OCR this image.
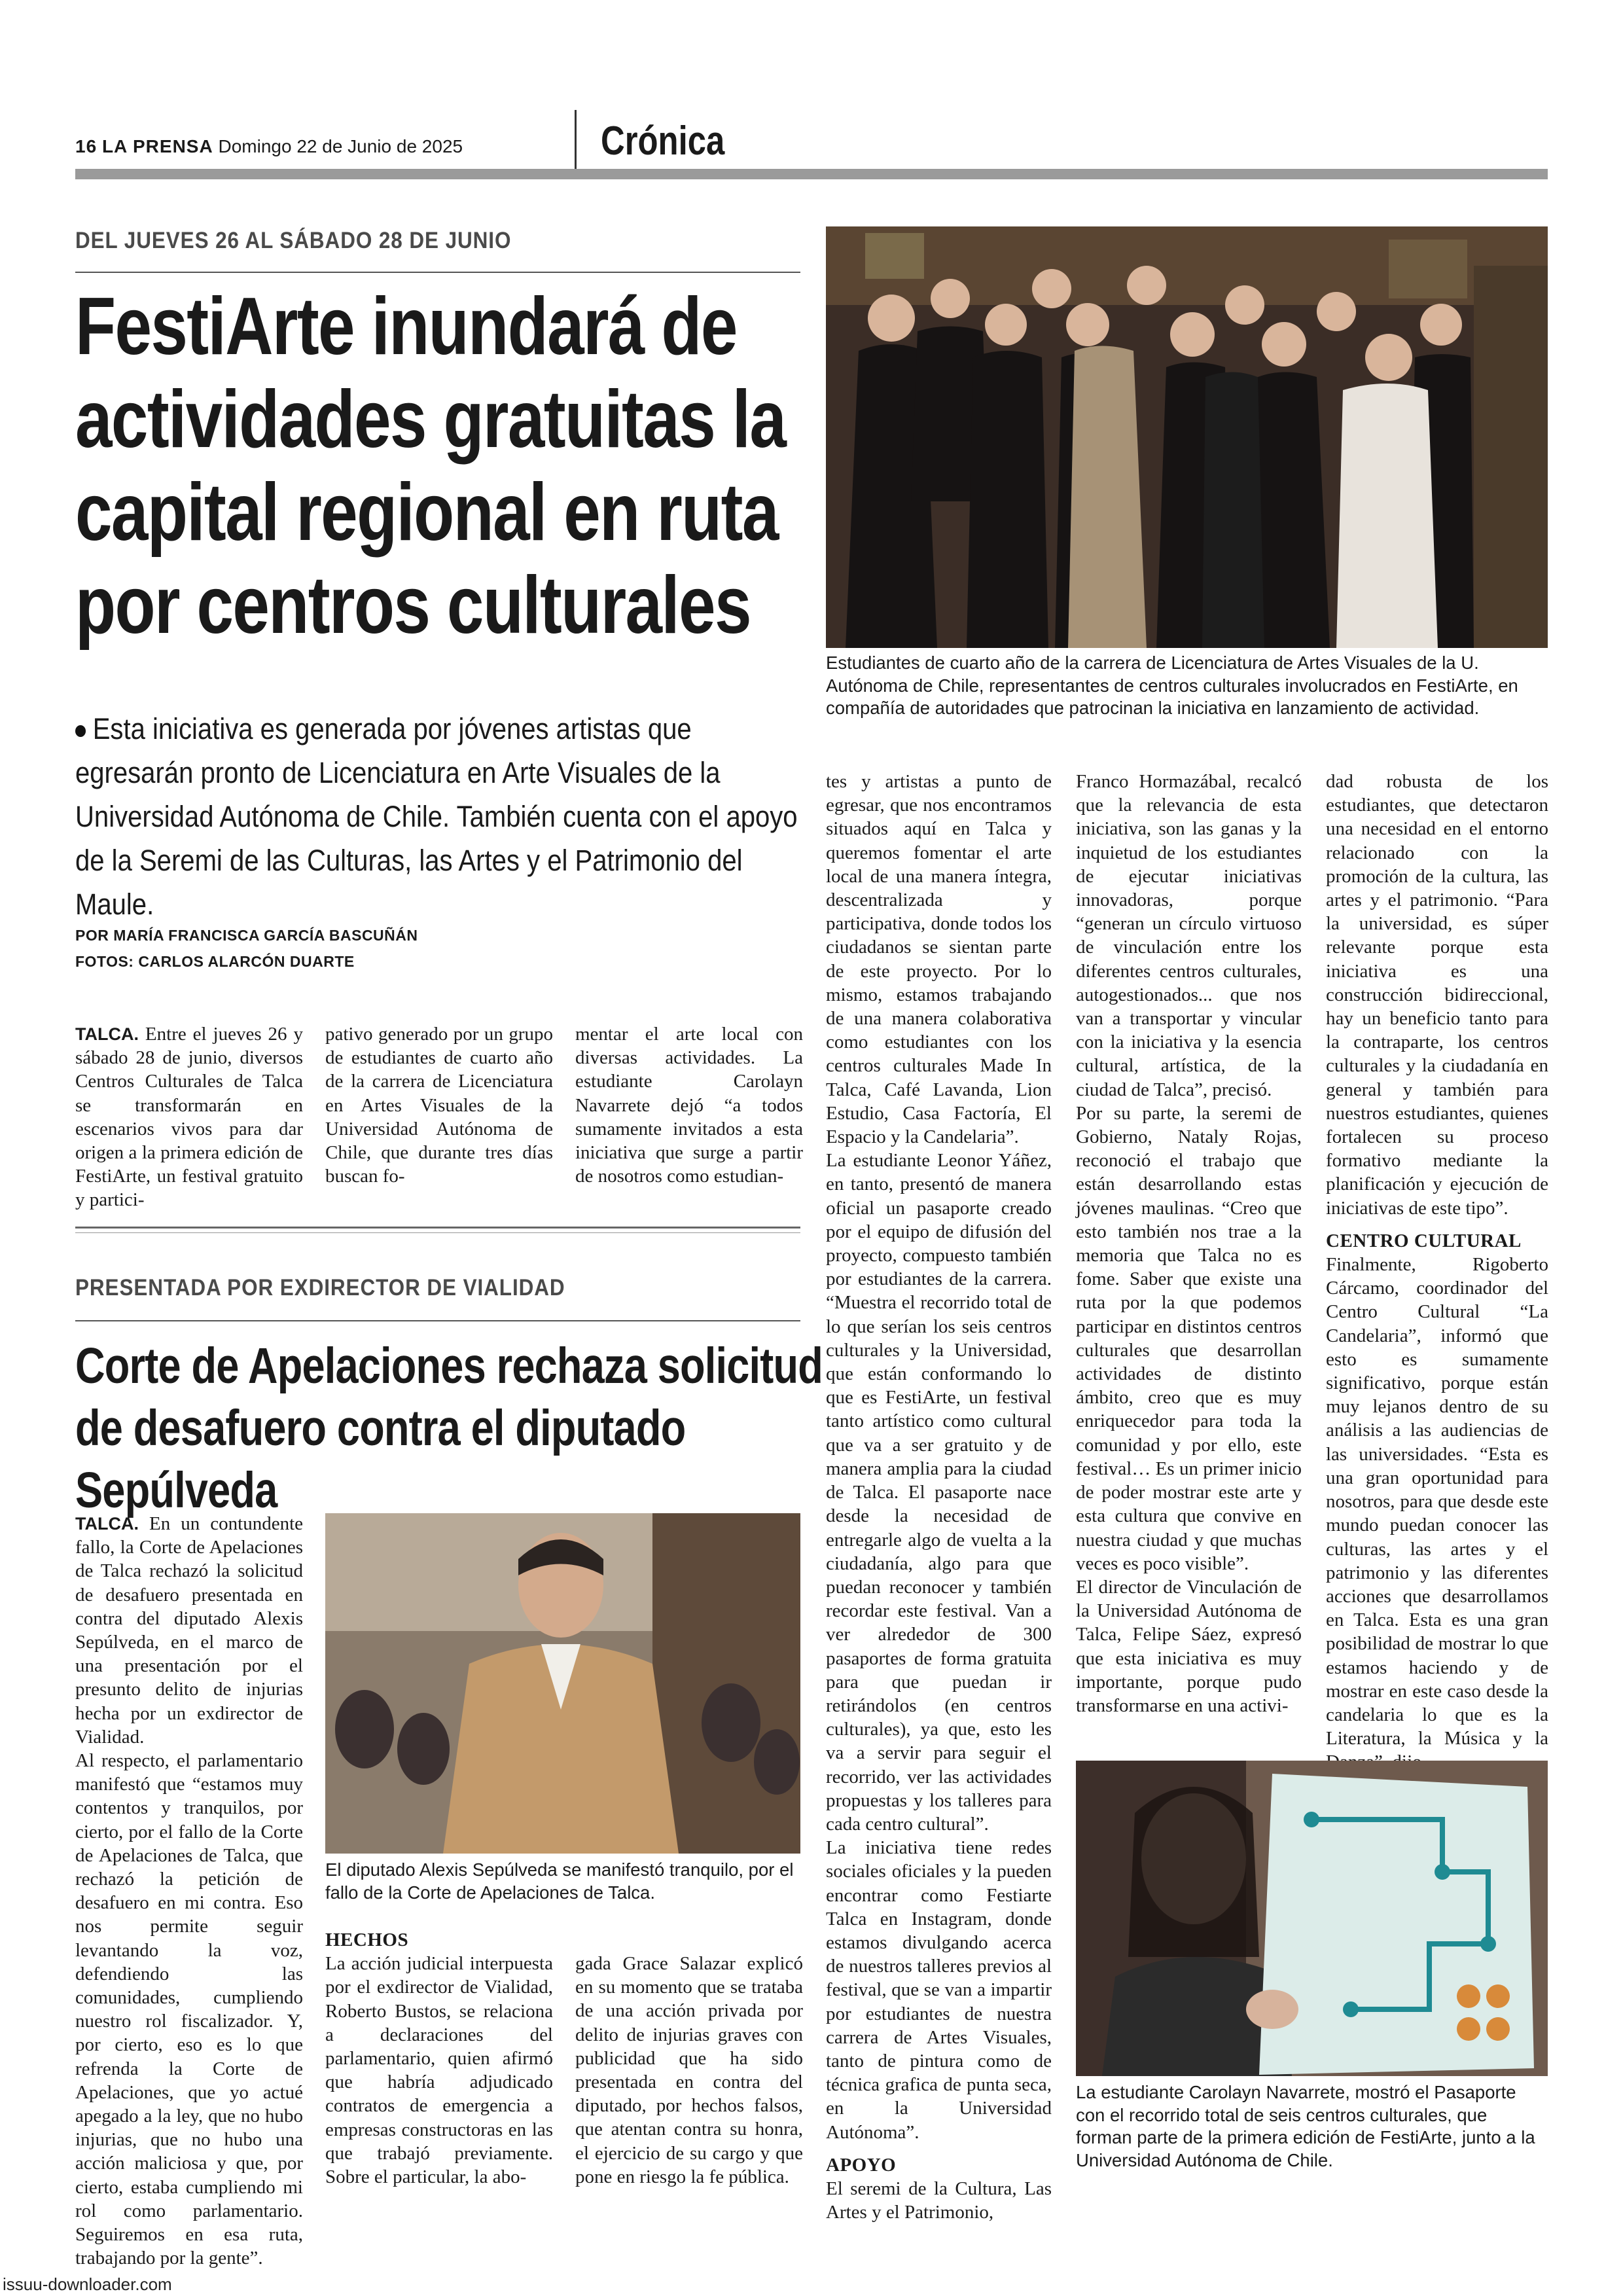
16 LA PRENSA Domingo 22 de Junio de 2025	Crónica
DEL JUEVES 26 AL SÁBADO 28 DE JUNIO
FestiArte inundará de actividades gratuitas la capital regional en ruta por centros culturales
Esta iniciativa es generada por jóvenes artistas que egresarán pronto de Licenciatura en Arte Visuales de la Universidad Autónoma de Chile. También cuenta con el apoyo de la Seremi de las Culturas, las Artes y el Patrimonio del Maule.
POR MARÍA FRANCISCA GARCÍA BASCUÑÁN
FOTOS: CARLOS ALARCÓN DUARTE

TALCA. Entre el jueves 26 y sábado 28 de junio, diversos Centros Culturales de Talca se transformarán en escenarios vivos para dar origen a la primera edición de FestiArte, un festival gratuito y partici-

pativo generado por un grupo de estudiantes de cuarto año de la carrera de Licenciatura en Artes Visuales de la Universidad Autónoma de Chile, que durante tres días buscan fo-

mentar el arte local con diversas actividades. La estudiante Carolayn Navarrete dejó “a todos sumamente invitados a esta iniciativa que surge a partir de nosotros como estudian-

Estudiantes de cuarto año de la carrera de Licenciatura de Artes Visuales de la U. Autónoma de Chile, representantes de centros culturales involucrados en FestiArte, en compañía de autoridades que patrocinan la iniciativa en lanzamiento de actividad.

tes y artistas a punto de egresar, que nos encontramos situados aquí en Talca y queremos fomentar el arte local de una manera íntegra, descentralizada y participativa, donde todos los ciudadanos se sientan parte de este proyecto. Por lo mismo, estamos trabajando de una manera colaborativa como estudiantes con los centros culturales Made In Talca, Café Lavanda, Lion Estudio, Casa Factoría, El Espacio y la Candelaria”.

La estudiante Leonor Yáñez, en tanto, presentó de manera oficial un pasaporte creado por el equipo de difusión del proyecto, compuesto también por estudiantes de la carrera. “Muestra el recorrido total de lo que serían los seis centros culturales y la Universidad, que están conformando lo que es FestiArte, un festival tanto artístico como cultural que va a ser gratuito y de manera amplia para la ciudad de Talca. El pasaporte nace desde la necesidad de entregarle algo de vuelta a la ciudadanía, algo para que puedan reconocer y también recordar este festival. Van a ver alrededor de 300 pasaportes de forma gratuita para que puedan ir retirándolos (en centros culturales), ya que, esto les va a servir para seguir el recorrido, ver las actividades propuestas y los talleres para cada centro cultural”.

La iniciativa tiene redes sociales oficiales y la pueden encontrar como Festiarte Talca en Instagram, donde estamos divulgando acerca de nuestros talleres previos al festival, que se van a impartir por estudiantes de nuestra carrera de Artes Visuales, tanto de pintura como de técnica grafica de punta seca, en la Universidad Autónoma”.

APOYO

El seremi de la Cultura, Las Artes y el Patrimonio,

Franco Hormazábal, recalcó que la relevancia de esta iniciativa, son las ganas y la inquietud de los estudiantes de ejecutar iniciativas innovadoras, porque “generan un círculo virtuoso de vinculación entre los diferentes centros culturales, autogestionados... que nos van a transportar y vincular con la iniciativa y la esencia cultural, artística, de la ciudad de Talca”, precisó.

Por su parte, la seremi de Gobierno, Nataly Rojas, reconoció el trabajo que están desarrollando estas jóvenes maulinas. “Creo que esto también nos trae a la memoria que Talca no es fome. Saber que existe una ruta por la que podemos participar en distintos centros culturales que desarrollan actividades de distinto ámbito, creo que es muy enriquecedor para toda la comunidad y por ello, este festival… Es un primer inicio de poder mostrar este arte y esta cultura que convive en nuestra ciudad y que muchas veces es poco visible”.

El director de Vinculación de la Universidad Autónoma de Talca, Felipe Sáez, expresó que esta iniciativa es muy importante, porque pudo transformarse en una activi-

dad robusta de los estudiantes, que detectaron una necesidad en el entorno relacionado con la promoción de la cultura, las artes y el patrimonio. “Para la universidad, es súper relevante porque esta iniciativa es una construcción bidireccional, hay un beneficio tanto para la contraparte, los centros culturales y la ciudadanía en general y también para nuestros estudiantes, quienes fortalecen su proceso formativo mediante la planificación y ejecución de iniciativas de este tipo”.

CENTRO CULTURAL

Finalmente, Rigoberto Cárcamo, coordinador del Centro Cultural “La Candelaria”, informó que esto es sumamente significativo, porque están muy lejanos dentro de su análisis a las audiencias de las universidades. “Esta es una gran oportunidad para nosotros, para que desde este mundo puedan conocer las culturas, las artes y el patrimonio y las diferentes acciones que desarrollamos en Talca. Esta es una gran posibilidad de mostrar lo que estamos haciendo y de mostrar en este caso desde la candelaria lo que es la Literatura, la Música y la

La estudiante Carolayn Navarrete, mostró el Pasaporte con el recorrido total de seis centros culturales, que forman parte de la primera edición de FestiArte, junto a la Universidad Autónoma de Chile.
PRESENTADA POR EXDIRECTOR DE VIALIDAD
Corte de Apelaciones rechaza solicitud de desafuero contra el diputado Sepúlveda

TALCA. En un contundente fallo, la Corte de Apelaciones de Talca rechazó la solicitud de desafuero presentada en contra del diputado Alexis Sepúlveda, en el marco de una presentación por el presunto delito de injurias hecha por un exdirector de Vialidad.

Al respecto, el parlamentario manifestó que “estamos muy contentos y tranquilos, por cierto, por el fallo de la Corte de Apelaciones de Talca, que rechazó la petición de desafuero en mi contra. Eso nos permite seguir levantando la voz, defendiendo las comunidades, cumpliendo nuestro rol fiscalizador. Y, por cierto, eso es lo que refrenda la Corte de Apelaciones, que yo actué apegado a la ley, que no hubo injurias, que no hubo una acción maliciosa y que, por cierto, estaba cumpliendo mi rol como parlamentario. Seguiremos en esa ruta, trabajando por la gente”.

El diputado Alexis Sepúlveda se manifestó tranquilo, por el fallo de la Corte de Apelaciones de Talca.

HECHOS

La acción judicial interpuesta por el exdirector de Vialidad, Roberto Bustos, se relaciona a declaraciones del parlamentario, quien afirmó que habría adjudicado contratos de emergencia a empresas constructoras en las que trabajó previamente. Sobre el particular, la abo-

gada Grace Salazar explicó en su momento que se trataba de una acción privada por delito de injurias graves con publicidad que ha sido presentada en contra del diputado, por hechos falsos, que atentan contra su honra, el ejercicio de su cargo y que pone en riesgo la fe pública.

issuu-downloader.com
